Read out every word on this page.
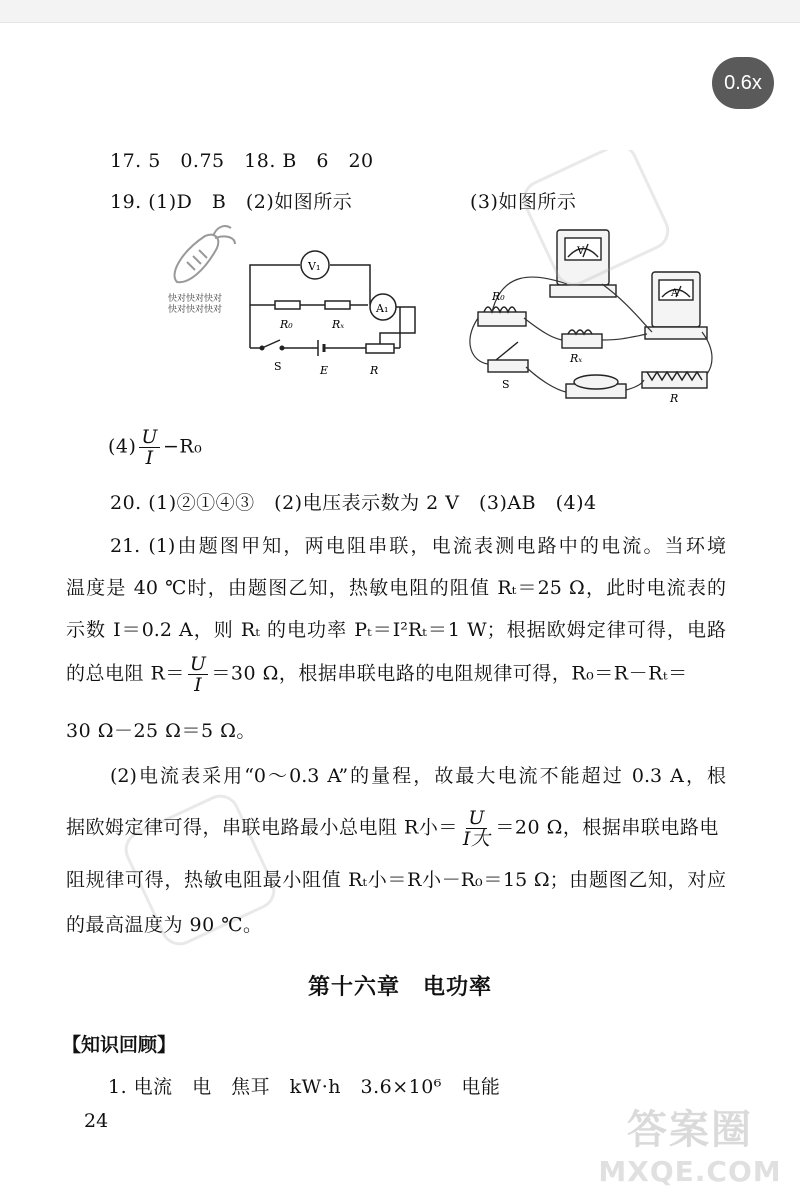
0.6x
17. 5　0.75　18. B　6　20
19. (1)D　B　(2)如图所示	(3)如图所示
快对快对快对
快对快对快对
V₁
A₁
R₀	Rₓ
S	E	R
V
A
R₀
Rₓ
S
R
$(4) \frac{U}{I} -R_0$
20. (1)②①④③　(2)电压表示数为 2 V　(3)AB　(4)4
21. (1)由题图甲知，两电阻串联，电流表测电路中的电流。当环境
温度是 40 ℃时，由题图乙知，热敏电阻的阻值 Rₜ＝25 Ω，此时电流表的
示数 I＝0.2 A，则 Rₜ 的电功率 Pₜ＝I²Rₜ＝1 W；根据欧姆定律可得，电路
的总电阻 $R= \frac{U}{I} =30$ Ω，根据串联电路的电阻规律可得，R₀＝R－Rₜ＝
30 Ω－25 Ω＝5 Ω。
(2)电流表采用“0～0.3 A”的量程，故最大电流不能超过 0.3 A，根
据欧姆定律可得，串联电路最小总电阻 R小＝ $\frac{U}{\text{I大}} =20$ Ω，根据串联电路电
阻规律可得，热敏电阻最小阻值 Rₜ小＝R小－R₀＝15 Ω；由题图乙知，对应
的最高温度为 90 ℃。
第十六章　电功率
【知识回顾】
1. 电流　电　焦耳　kW·h　3.6×10⁶　电能
24	答案圈
MXQE.COM
